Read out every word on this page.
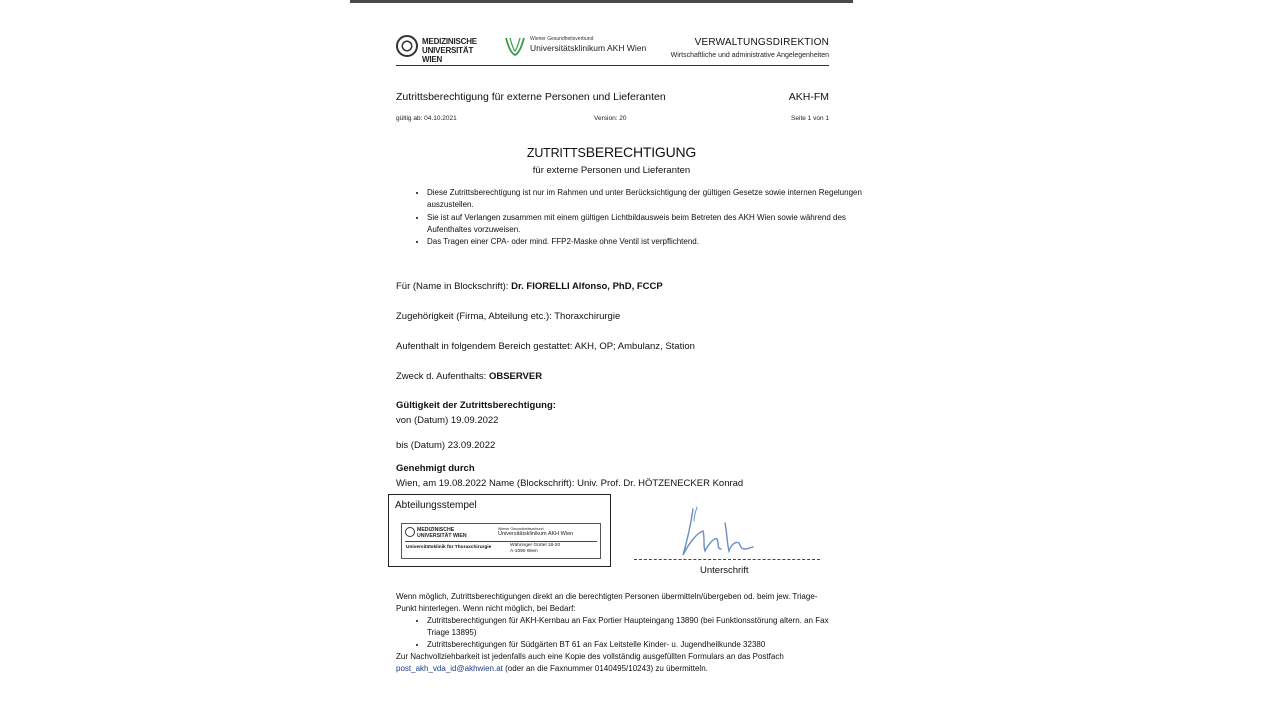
MEDIZINISCHE UNIVERSITÄT WIEN
Wiener Gesundheitsverbund
Universitätsklinikum AKH Wien	VERWALTUNGSDIREKTION
Wirtschaftliche und administrative Angelegenheiten
Zutrittsberechtigung für externe Personen und Lieferanten	AKH-FM
gültig ab: 04.10.2021	Version: 20	Seite 1 von 1
ZUTRITTSBERECHTIGUNG
für externe Personen und Lieferanten
• Diese Zutrittsberechtigung ist nur im Rahmen und unter Berücksichtigung der gültigen Gesetze sowie internen Regelungen auszustellen.
• Sie ist auf Verlangen zusammen mit einem gültigen Lichtbildausweis beim Betreten des AKH Wien sowie während des Aufenthaltes vorzuweisen.
• Das Tragen einer CPA- oder mind. FFP2-Maske ohne Ventil ist verpflichtend.
Für (Name in Blockschrift): Dr. FIORELLI Alfonso, PhD, FCCP
Zugehörigkeit (Firma, Abteilung etc.): Thoraxchirurgie
Aufenthalt in folgendem Bereich gestattet: AKH, OP; Ambulanz, Station
Zweck d. Aufenthalts: OBSERVER
Gültigkeit der Zutrittsberechtigung:
von (Datum) 19.09.2022
bis (Datum) 23.09.2022
Genehmigt durch
Wien, am 19.08.2022 Name (Blockschrift): Univ. Prof. Dr. HÖTZENECKER Konrad
Abteilungsstempel
MEDIZINISCHE UNIVERSITÄT WIEN
Wiener Gesundheitsverbund
Universitätsklinikum AKH Wien
Universitätsklinik für Thoraxchirurgie	Währinger Gürtel 18-20
A-1090 Wien
Unterschrift
Wenn möglich, Zutrittsberechtigungen direkt an die berechtigten Personen übermitteln/übergeben od. beim jew. Triage-Punkt hinterlegen. Wenn nicht möglich, bei Bedarf:
• Zutrittsberechtigungen für AKH-Kernbau an Fax Portier Haupteingang 13890 (bei Funktionsstörung altern. an Fax Triage 13895)
• Zutrittsberechtigungen für Südgärten BT 61 an Fax Leitstelle Kinder- u. Jugendheilkunde 32380
Zur Nachvollziehbarkeit ist jedenfalls auch eine Kopie des vollständig ausgefüllten Formulars an das Postfach
post_akh_vda_id@akhwien.at (oder an die Faxnummer 0140495/10243) zu übermitteln.
